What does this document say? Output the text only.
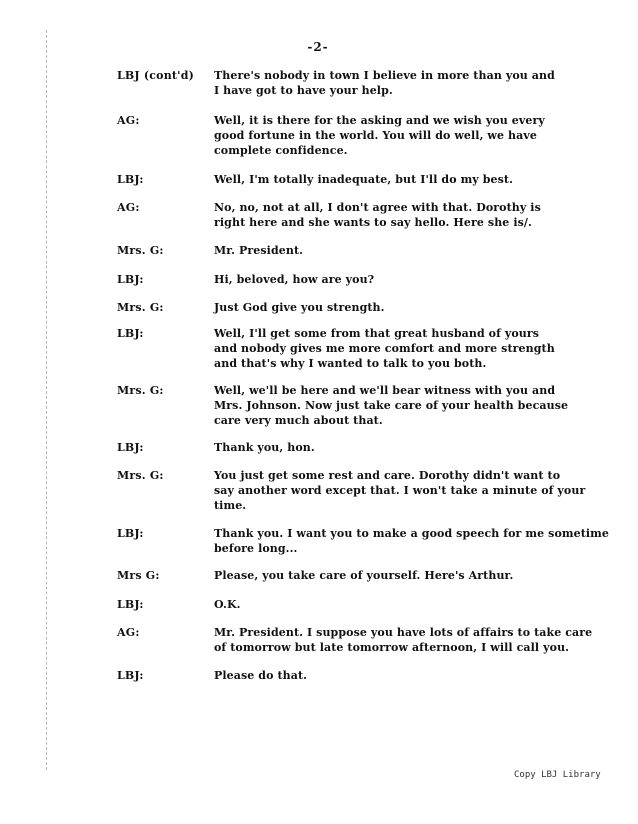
-2-
LBJ (cont'd) There's nobody in town I believe in more than you and
I have got to have your help.
AG:	Well, it is there for the asking and we wish you every
good fortune in the world. You will do well, we have
complete confidence.
LBJ:	Well, I'm totally inadequate, but I'll do my best.
AG:	No, no, not at all, I don't agree with that. Dorothy is
right here and she wants to say hello. Here she is/.
Mrs. G:	Mr. President.
LBJ:	Hi, beloved, how are you?
Mrs. G:	Just God give you strength.
LBJ:	Well, I'll get some from that great husband of yours
and nobody gives me more comfort and more strength
and that's why I wanted to talk to you both.
Mrs. G:	Well, we'll be here and we'll bear witness with you and
Mrs. Johnson. Now just take care of your health because
care very much about that.
LBJ:	Thank you, hon.
Mrs. G:	You just get some rest and care. Dorothy didn't want to
say another word except that. I won't take a minute of your
time.
LBJ:	Thank you. I want you to make a good speech for me sometime
before long...
Mrs G:	Please, you take care of yourself. Here's Arthur.
LBJ:	O.K.
AG:	Mr. President. I suppose you have lots of affairs to take care
of tomorrow but late tomorrow afternoon, I will call you.
LBJ:	Please do that.
Copy LBJ Library
